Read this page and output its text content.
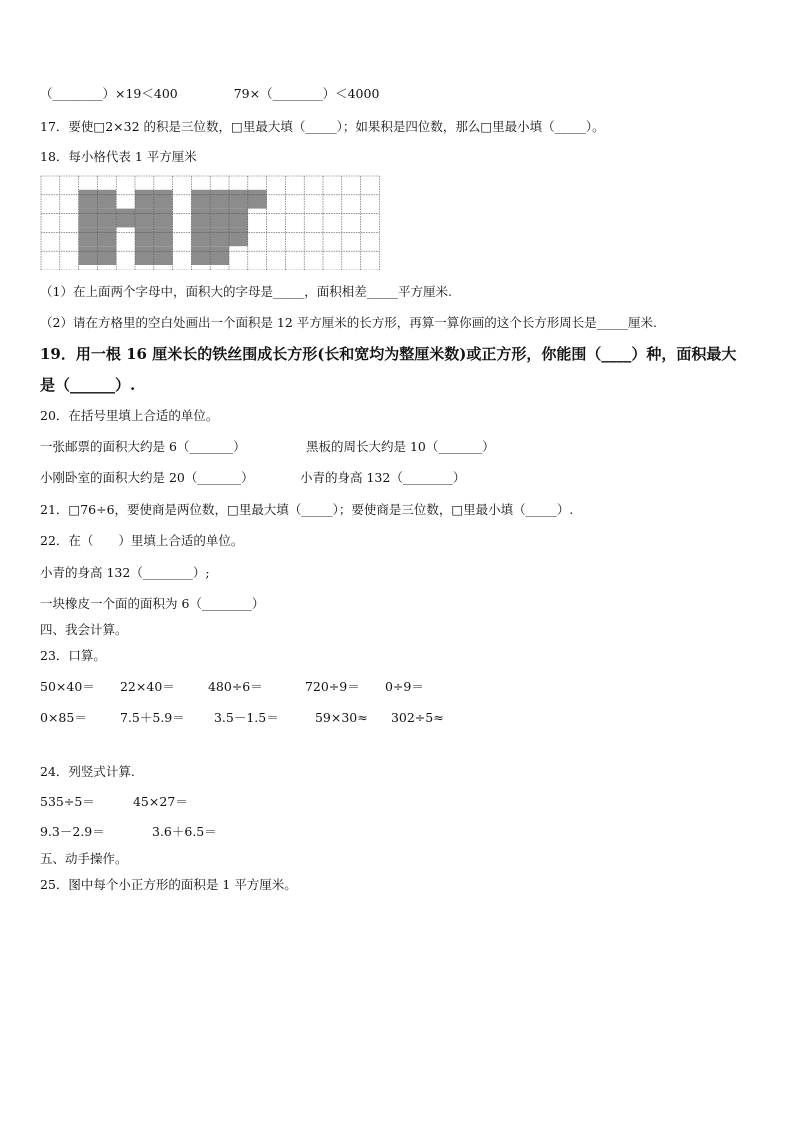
（________）×19＜400	79×（________）＜4000
17．要使□2×32 的积是三位数，□里最大填（_____）；如果积是四位数，那么□里最小填（_____）。
18．每小格代表 1 平方厘米
（1）在上面两个字母中，面积大的字母是_____，面积相差_____平方厘米.
（2）请在方格里的空白处画出一个面积是 12 平方厘米的长方形，再算一算你画的这个长方形周长是_____厘米.
19．用一根 16 厘米长的铁丝围成长方形(长和宽均为整厘米数)或正方形，你能围（____）种，面积最大
是（______）.
20．在括号里填上合适的单位。
一张邮票的面积大约是 6（_______）	黑板的周长大约是 10（_______）
小刚卧室的面积大约是 20（_______）	小青的身高 132（________）
21．□76÷6，要使商是两位数，□里最大填（_____）；要使商是三位数，□里最小填（_____）.
22．在（　　）里填上合适的单位。
小青的身高 132（________）;
一块橡皮一个面的面积为 6（________）
四、我会计算。
23．口算。
50×40＝ 22×40＝	480÷6＝	720÷9＝ 0÷9＝
0×85＝	7.5＋5.9＝ 3.5－1.5＝	59×30≈ 302÷5≈
24．列竖式计算.
535÷5＝	45×27＝
9.3－2.9＝	3.6＋6.5＝
五、动手操作。
25．图中每个小正方形的面积是 1 平方厘米。
